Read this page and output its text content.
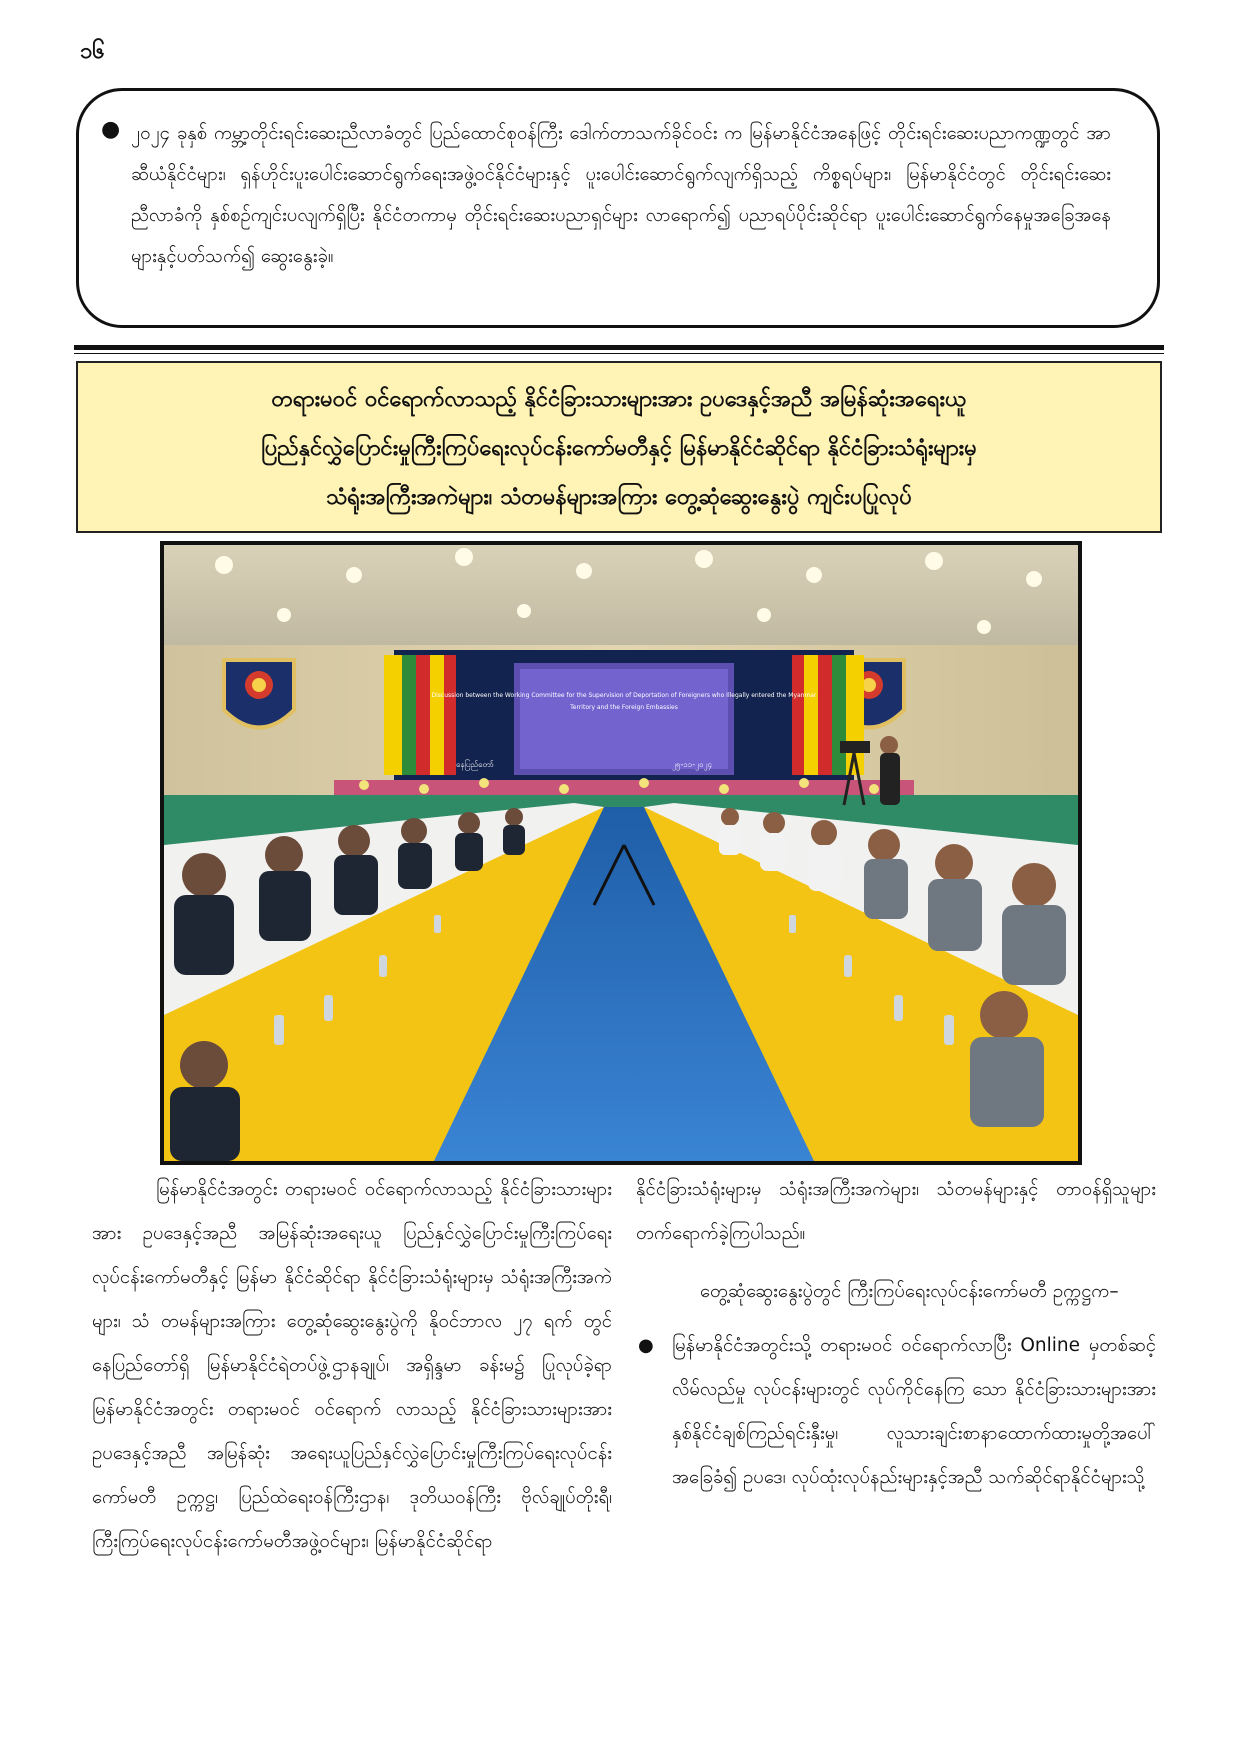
၁၆
● ၂၀၂၄ ခုနှစ် ကမ္ဘာ့တိုင်းရင်းဆေးညီလာခံတွင် ပြည်ထောင်စုဝန်ကြီး ဒေါက်တာသက်ခိုင်ဝင်း က မြန်မာနိုင်ငံအနေဖြင့် တိုင်းရင်းဆေးပညာကဏ္ဍတွင် အာဆီယံနိုင်ငံများ၊ ရှန်ဟိုင်းပူးပေါင်းဆောင်ရွက်ရေးအဖွဲ့ဝင်နိုင်ငံများနှင့် ပူးပေါင်းဆောင်ရွက်လျက်ရှိသည့် ကိစ္စရပ်များ၊ မြန်မာနိုင်ငံတွင် တိုင်းရင်းဆေးညီလာခံကို နှစ်စဉ်ကျင်းပလျက်ရှိပြီး နိုင်ငံတကာမှ တိုင်းရင်းဆေးပညာရှင်များ လာရောက်၍ ပညာရပ်ပိုင်းဆိုင်ရာ ပူးပေါင်းဆောင်ရွက်နေမှုအခြေအနေများနှင့်ပတ်သက်၍ ဆွေးနွေးခဲ့။

တရားမဝင် ဝင်ရောက်လာသည့် နိုင်ငံခြားသားများအား ဥပဒေနှင့်အညီ အမြန်ဆုံးအရေးယူ

ပြည်နှင်လွှဲပြောင်းမှုကြီးကြပ်ရေးလုပ်ငန်းကော်မတီနှင့် မြန်မာနိုင်ငံဆိုင်ရာ နိုင်ငံခြားသံရုံးများမှ

သံရုံးအကြီးအကဲများ၊ သံတမန်များအကြား တွေ့ဆုံဆွေးနွေးပွဲ ကျင်းပပြုလုပ်

Discussion between the Working Committee for the Supervision of Deportation of Foreigners who Illegally entered the Myanmar
Territory and the Foreign Embassies
နေပြည်တော်	၂၅-၁၁-၂၀၂၄

မြန်မာနိုင်ငံအတွင်း တရားမဝင် ဝင်ရောက်လာသည့် နိုင်ငံခြားသားများအား ဥပဒေနှင့်အညီ အမြန်ဆုံးအရေးယူ ပြည်နှင်လွှဲပြောင်းမှုကြီးကြပ်ရေးလုပ်ငန်းကော်မတီနှင့် မြန်မာ နိုင်ငံဆိုင်ရာ နိုင်ငံခြားသံရုံးများမှ သံရုံးအကြီးအကဲများ၊ သံ တမန်များအကြား တွေ့ဆုံဆွေးနွေးပွဲကို နိုဝင်ဘာလ ၂၇ ရက် တွင် နေပြည်တော်ရှိ မြန်မာနိုင်ငံရဲတပ်ဖွဲ့ဌာနချုပ်၊ အရှိန္ဒမာ ခန်းမ၌ ပြုလုပ်ခဲ့ရာ မြန်မာနိုင်ငံအတွင်း တရားမဝင် ဝင်ရောက် လာသည့် နိုင်ငံခြားသားများအား ဥပဒေနှင့်အညီ အမြန်ဆုံး အရေးယူပြည်နှင်လွှဲပြောင်းမှုကြီးကြပ်ရေးလုပ်ငန်းကော်မတီ ဥက္ကဋ္ဌ၊ ပြည်ထဲရေးဝန်ကြီးဌာန၊ ဒုတိယဝန်ကြီး ဗိုလ်ချုပ်တိုးရီ၊ ကြီးကြပ်ရေးလုပ်ငန်းကော်မတီအဖွဲ့ဝင်များ၊ မြန်မာနိုင်ငံဆိုင်ရာ

နိုင်ငံခြားသံရုံးများမှ သံရုံးအကြီးအကဲများ၊ သံတမန်များနှင့် တာဝန်ရှိသူများ တက်ရောက်ခဲ့ကြပါသည်။

တွေ့ဆုံဆွေးနွေးပွဲတွင် ကြီးကြပ်ရေးလုပ်ငန်းကော်မတီ ဥက္ကဋ္ဌက–

● မြန်မာနိုင်ငံအတွင်းသို့ တရားမဝင် ဝင်ရောက်လာပြီး Online မှတစ်ဆင့် လိမ်လည်မှု လုပ်ငန်းများတွင် လုပ်ကိုင်နေကြ သော နိုင်ငံခြားသားများအား နှစ်နိုင်ငံချစ်ကြည်ရင်းနှီးမှု၊ လူသားချင်းစာနာထောက်ထားမှုတို့အပေါ် အခြေခံ၍ ဥပဒေ၊ လုပ်ထုံးလုပ်နည်းများနှင့်အညီ သက်ဆိုင်ရာနိုင်ငံများသို့
